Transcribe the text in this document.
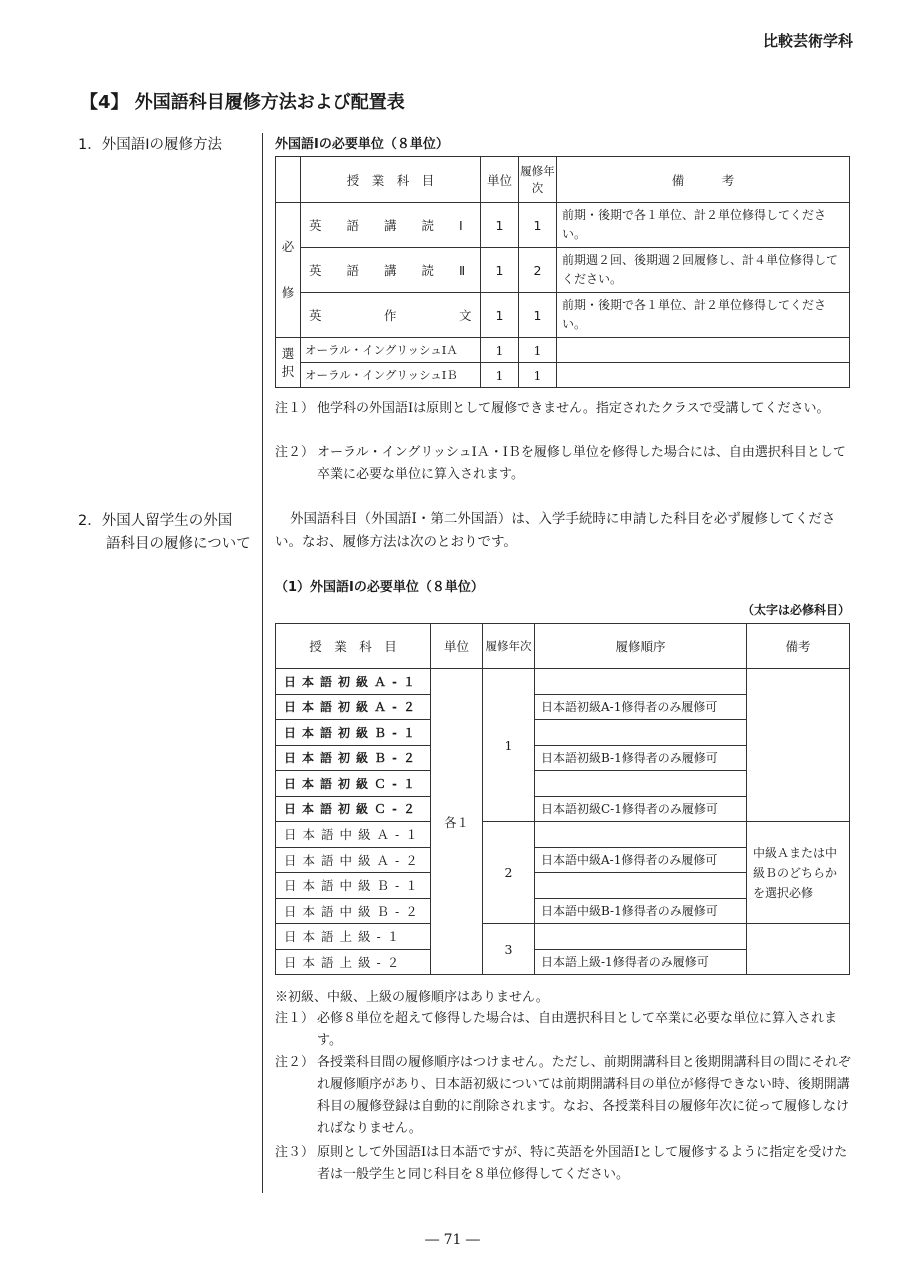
比較芸術学科
【4】 外国語科目履修方法および配置表
1．外国語Ⅰの履修方法
2．外国人留学生の外国
語科目の履修について
外国語Ⅰの必要単位（８単位）
	授　業　科　目	単位	履修年次	備　　　考

必
修	英　　語　　講　　読　　Ⅰ	1	1	前期・後期で各１単位、計２単位修得してください。
	英　　語　　講　　読　　Ⅱ	1	2	前期週２回、後期週２回履修し、計４単位修得してください。
	英　　　　　作　　　　　文	1	1	前期・後期で各１単位、計２単位修得してください。

選
択	オーラル・イングリッシュⅠＡ	1	1	
	オーラル・イングリッシュⅠＢ	1	1	
注１） 他学科の外国語Ⅰは原則として履修できません。指定されたクラスで受講してください。
注２） オーラル・イングリッシュⅠＡ・ⅠＢを履修し単位を修得した場合には、自由選択科目として卒業に必要な単位に算入されます。
外国語科目（外国語Ⅰ・第二外国語）は、入学手続時に申請した科目を必ず履修してください。なお、履修方法は次のとおりです。
（1）外国語Ⅰの必要単位（８単位）
（太字は必修科目）
授　業　科　目	単位	履修年次	履修順序	備考
日本語初級Ａ-１	各１	1		
日本語初級Ａ-２			日本語初級A-1修得者のみ履修可	
日本語初級Ｂ-１				
日本語初級Ｂ-２			日本語初級B-1修得者のみ履修可	
日本語初級Ｃ-１				
日本語初級Ｃ-２			日本語初級C-1修得者のみ履修可	
日本語中級Ａ-１		2		中級Ａまたは中級Ｂのどちらかを選択必修
日本語中級Ａ-２			日本語中級A-1修得者のみ履修可	
日本語中級Ｂ-１				
日本語中級Ｂ-２			日本語中級B-1修得者のみ履修可	
日本語上級-１		3		
日本語上級-２			日本語上級-1修得者のみ履修可	
※初級、中級、上級の履修順序はありません。
注１） 必修８単位を超えて修得した場合は、自由選択科目として卒業に必要な単位に算入されます。
注２） 各授業科目間の履修順序はつけません。ただし、前期開講科目と後期開講科目の間にそれぞれ履修順序があり、日本語初級については前期開講科目の単位が修得できない時、後期開講科目の履修登録は自動的に削除されます。なお、各授業科目の履修年次に従って履修しなければなりません。
注３） 原則として外国語Ⅰは日本語ですが、特に英語を外国語Ⅰとして履修するように指定を受けた者は一般学生と同じ科目を８単位修得してください。
― 71 ―
